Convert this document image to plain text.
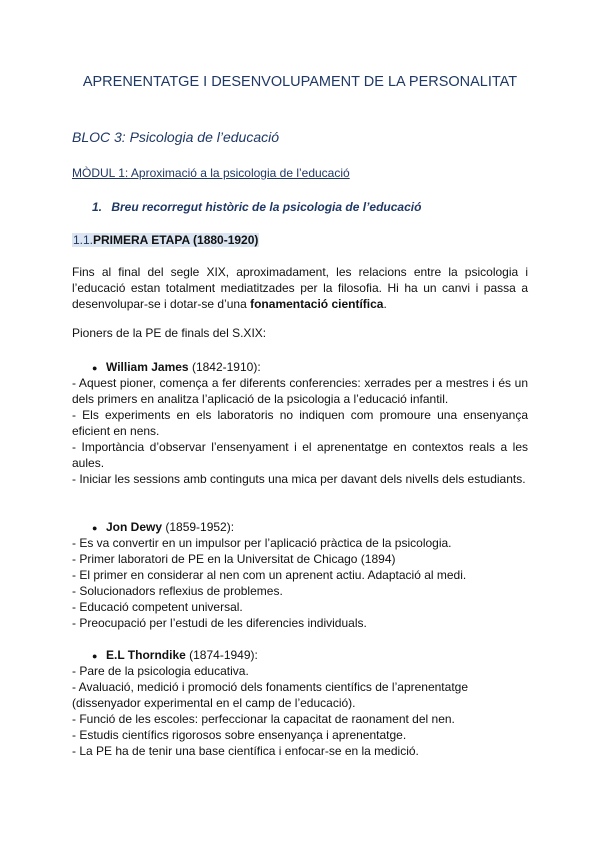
APRENENTATGE I DESENVOLUPAMENT DE LA PERSONALITAT
BLOC 3: Psicologia de l’educació
MÒDUL 1: Aproximació a la psicologia de l’educació
1. Breu recorregut històric de la psicologia de l’educació
1.1.PRIMERA ETAPA (1880-1920)
Fins al final del segle XIX, aproximadament, les relacions entre la psicologia i l’educació estan totalment mediatitzades per la filosofia. Hi ha un canvi i passa a desenvolupar-se i dotar-se d’una fonamentació científica.
Pioners de la PE de finals del S.XIX:
● William James (1842-1910):
- Aquest pioner, comença a fer diferents conferencies: xerrades per a mestres i és un dels primers en analitza l’aplicació de la psicologia a l’educació infantil.
- Els experiments en els laboratoris no indiquen com promoure una ensenyança eficient en nens.
- Importància d’observar l’ensenyament i el aprenentatge en contextos reals a les aules.
- Iniciar les sessions amb continguts una mica per davant dels nivells dels estudiants.
● Jon Dewy (1859-1952):
- Es va convertir en un impulsor per l’aplicació pràctica de la psicologia.
- Primer laboratori de PE en la Universitat de Chicago (1894)
- El primer en considerar al nen com un aprenent actiu. Adaptació al medi.
- Solucionadors reflexius de problemes.
- Educació competent universal.
- Preocupació per l’estudi de les diferencies individuals.
● E.L Thorndike (1874-1949):
- Pare de la psicologia educativa.
- Avaluació, medició i promoció dels fonaments científics de l’aprenentatge (dissenyador experimental en el camp de l’educació).
- Funció de les escoles: perfeccionar la capacitat de raonament del nen.
- Estudis científics rigorosos sobre ensenyança i aprenentatge.
- La PE ha de tenir una base científica i enfocar-se en la medició.
